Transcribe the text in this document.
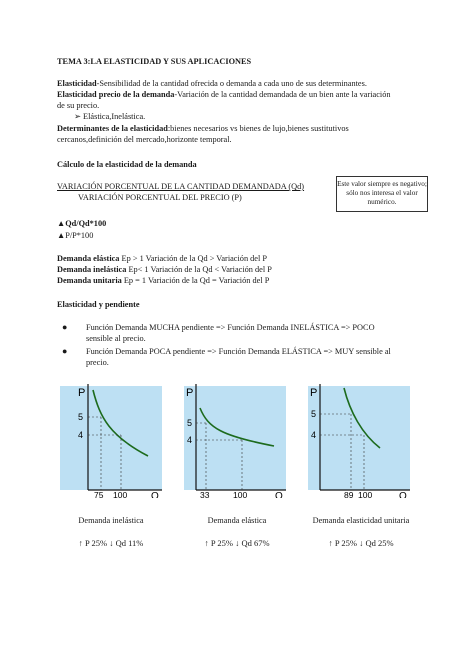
TEMA 3:LA ELASTICIDAD Y SUS APLICACIONES
Elasticidad-Sensibilidad de la cantidad ofrecida o demanda a cada uno de sus determinantes.
Elasticidad precio de la demanda-Variación de la cantidad demandada de un bien ante la variación
de su precio.
➢ Elástica,Inelástica.
Determinantes de la elasticidad:bienes necesarios vs bienes de lujo,bienes sustitutivos
cercanos,definición del mercado,horizonte temporal.
Cálculo de la elasticidad de la demanda
VARIACIÓN PORCENTUAL DE LA CANTIDAD DEMANDADA (Qd)
VARIACIÓN PORCENTUAL DEL PRECIO (P)
Este valor siempre es negativo; sólo nos interesa el valor numérico.
▲Qd/Qd*100
▲P/P*100
Demanda elástica Ep > 1 Variación de la Qd > Variación del P
Demanda inelástica Ep< 1 Variación de la Qd < Variación del P
Demanda unitaria Ep = 1 Variación de la Qd = Variación del P
Elasticidad y pendiente
● Función Demanda MUCHA pendiente => Función Demanda INELÁSTICA => POCO
sensible al precio.
● Función Demanda POCA pendiente => Función Demanda ELÁSTICA => MUY sensible al
precio.
P
Q
5
4
75 100
P
Q
5
4
33	100
P
Q
5
4
89 100
Demanda inelástica	Demanda elástica	Demanda elasticidad unitaria
↑ P 25% ↓ Qd 11%	↑ P 25% ↓ Qd 67%	↑ P 25% ↓ Qd 25%
